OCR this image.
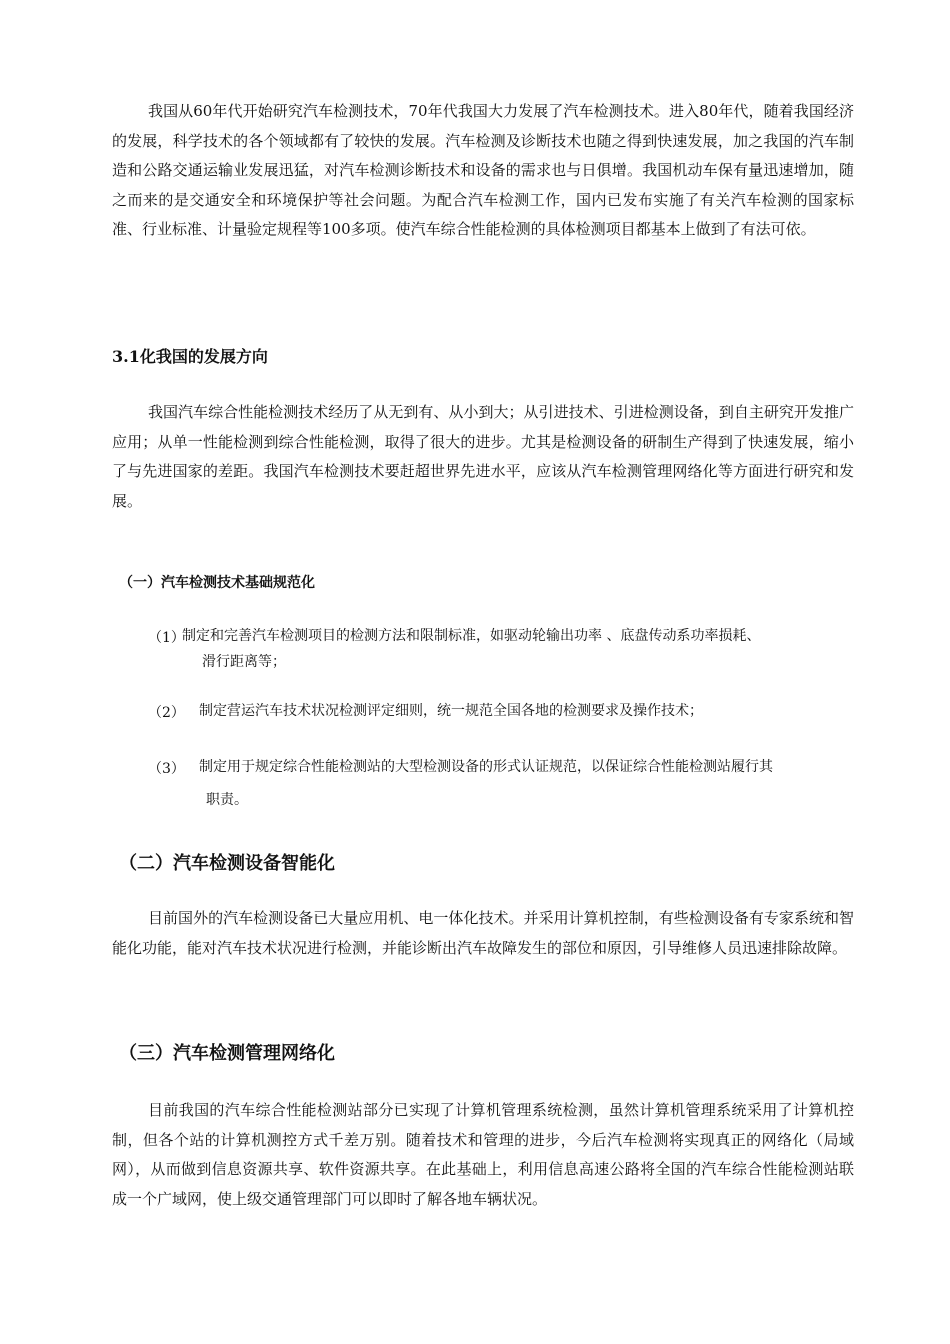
我国从60年代开始研究汽车检测技术，70年代我国大力发展了汽车检测技术。进入80年代，随着我国经济的发展，科学技术的各个领域都有了较快的发展。汽车检测及诊断技术也随之得到快速发展，加之我国的汽车制造和公路交通运输业发展迅猛，对汽车检测诊断技术和设备的需求也与日俱增。我国机动车保有量迅速增加，随之而来的是交通安全和环境保护等社会问题。为配合汽车检测工作，国内已发布实施了有关汽车检测的国家标准、行业标准、计量验定规程等100多项。使汽车综合性能检测的具体检测项目都基本上做到了有法可依。

3.1化我国的发展方向

我国汽车综合性能检测技术经历了从无到有、从小到大；从引进技术、引进检测设备，到自主研究开发推广应用；从单一性能检测到综合性能检测，取得了很大的进步。尤其是检测设备的研制生产得到了快速发展，缩小了与先进国家的差距。我国汽车检测技术要赶超世界先进水平，应该从汽车检测管理网络化等方面进行研究和发展。

（一）汽车检测技术基础规范化
（1）
制定和完善汽车检测项目的检测方法和限制标准，如驱动轮输出功率 、底盘传动系功率损耗、
滑行距离等；
（2） 制定营运汽车技术状况检测评定细则，统一规范全国各地的检测要求及操作技术；
（3） 制定用于规定综合性能检测站的大型检测设备的形式认证规范，以保证综合性能检测站履行其
职责。
（二）汽车检测设备智能化

目前国外的汽车检测设备已大量应用机、电一体化技术。并采用计算机控制，有些检测设备有专家系统和智能化功能，能对汽车技术状况进行检测，并能诊断出汽车故障发生的部位和原因，引导维修人员迅速排除故障。

（三）汽车检测管理网络化

目前我国的汽车综合性能检测站部分已实现了计算机管理系统检测，虽然计算机管理系统采用了计算机控制，但各个站的计算机测控方式千差万别。随着技术和管理的进步，今后汽车检测将实现真正的网络化（局域网），从而做到信息资源共享、软件资源共享。在此基础上，利用信息高速公路将全国的汽车综合性能检测站联成一个广域网，使上级交通管理部门可以即时了解各地车辆状况。
